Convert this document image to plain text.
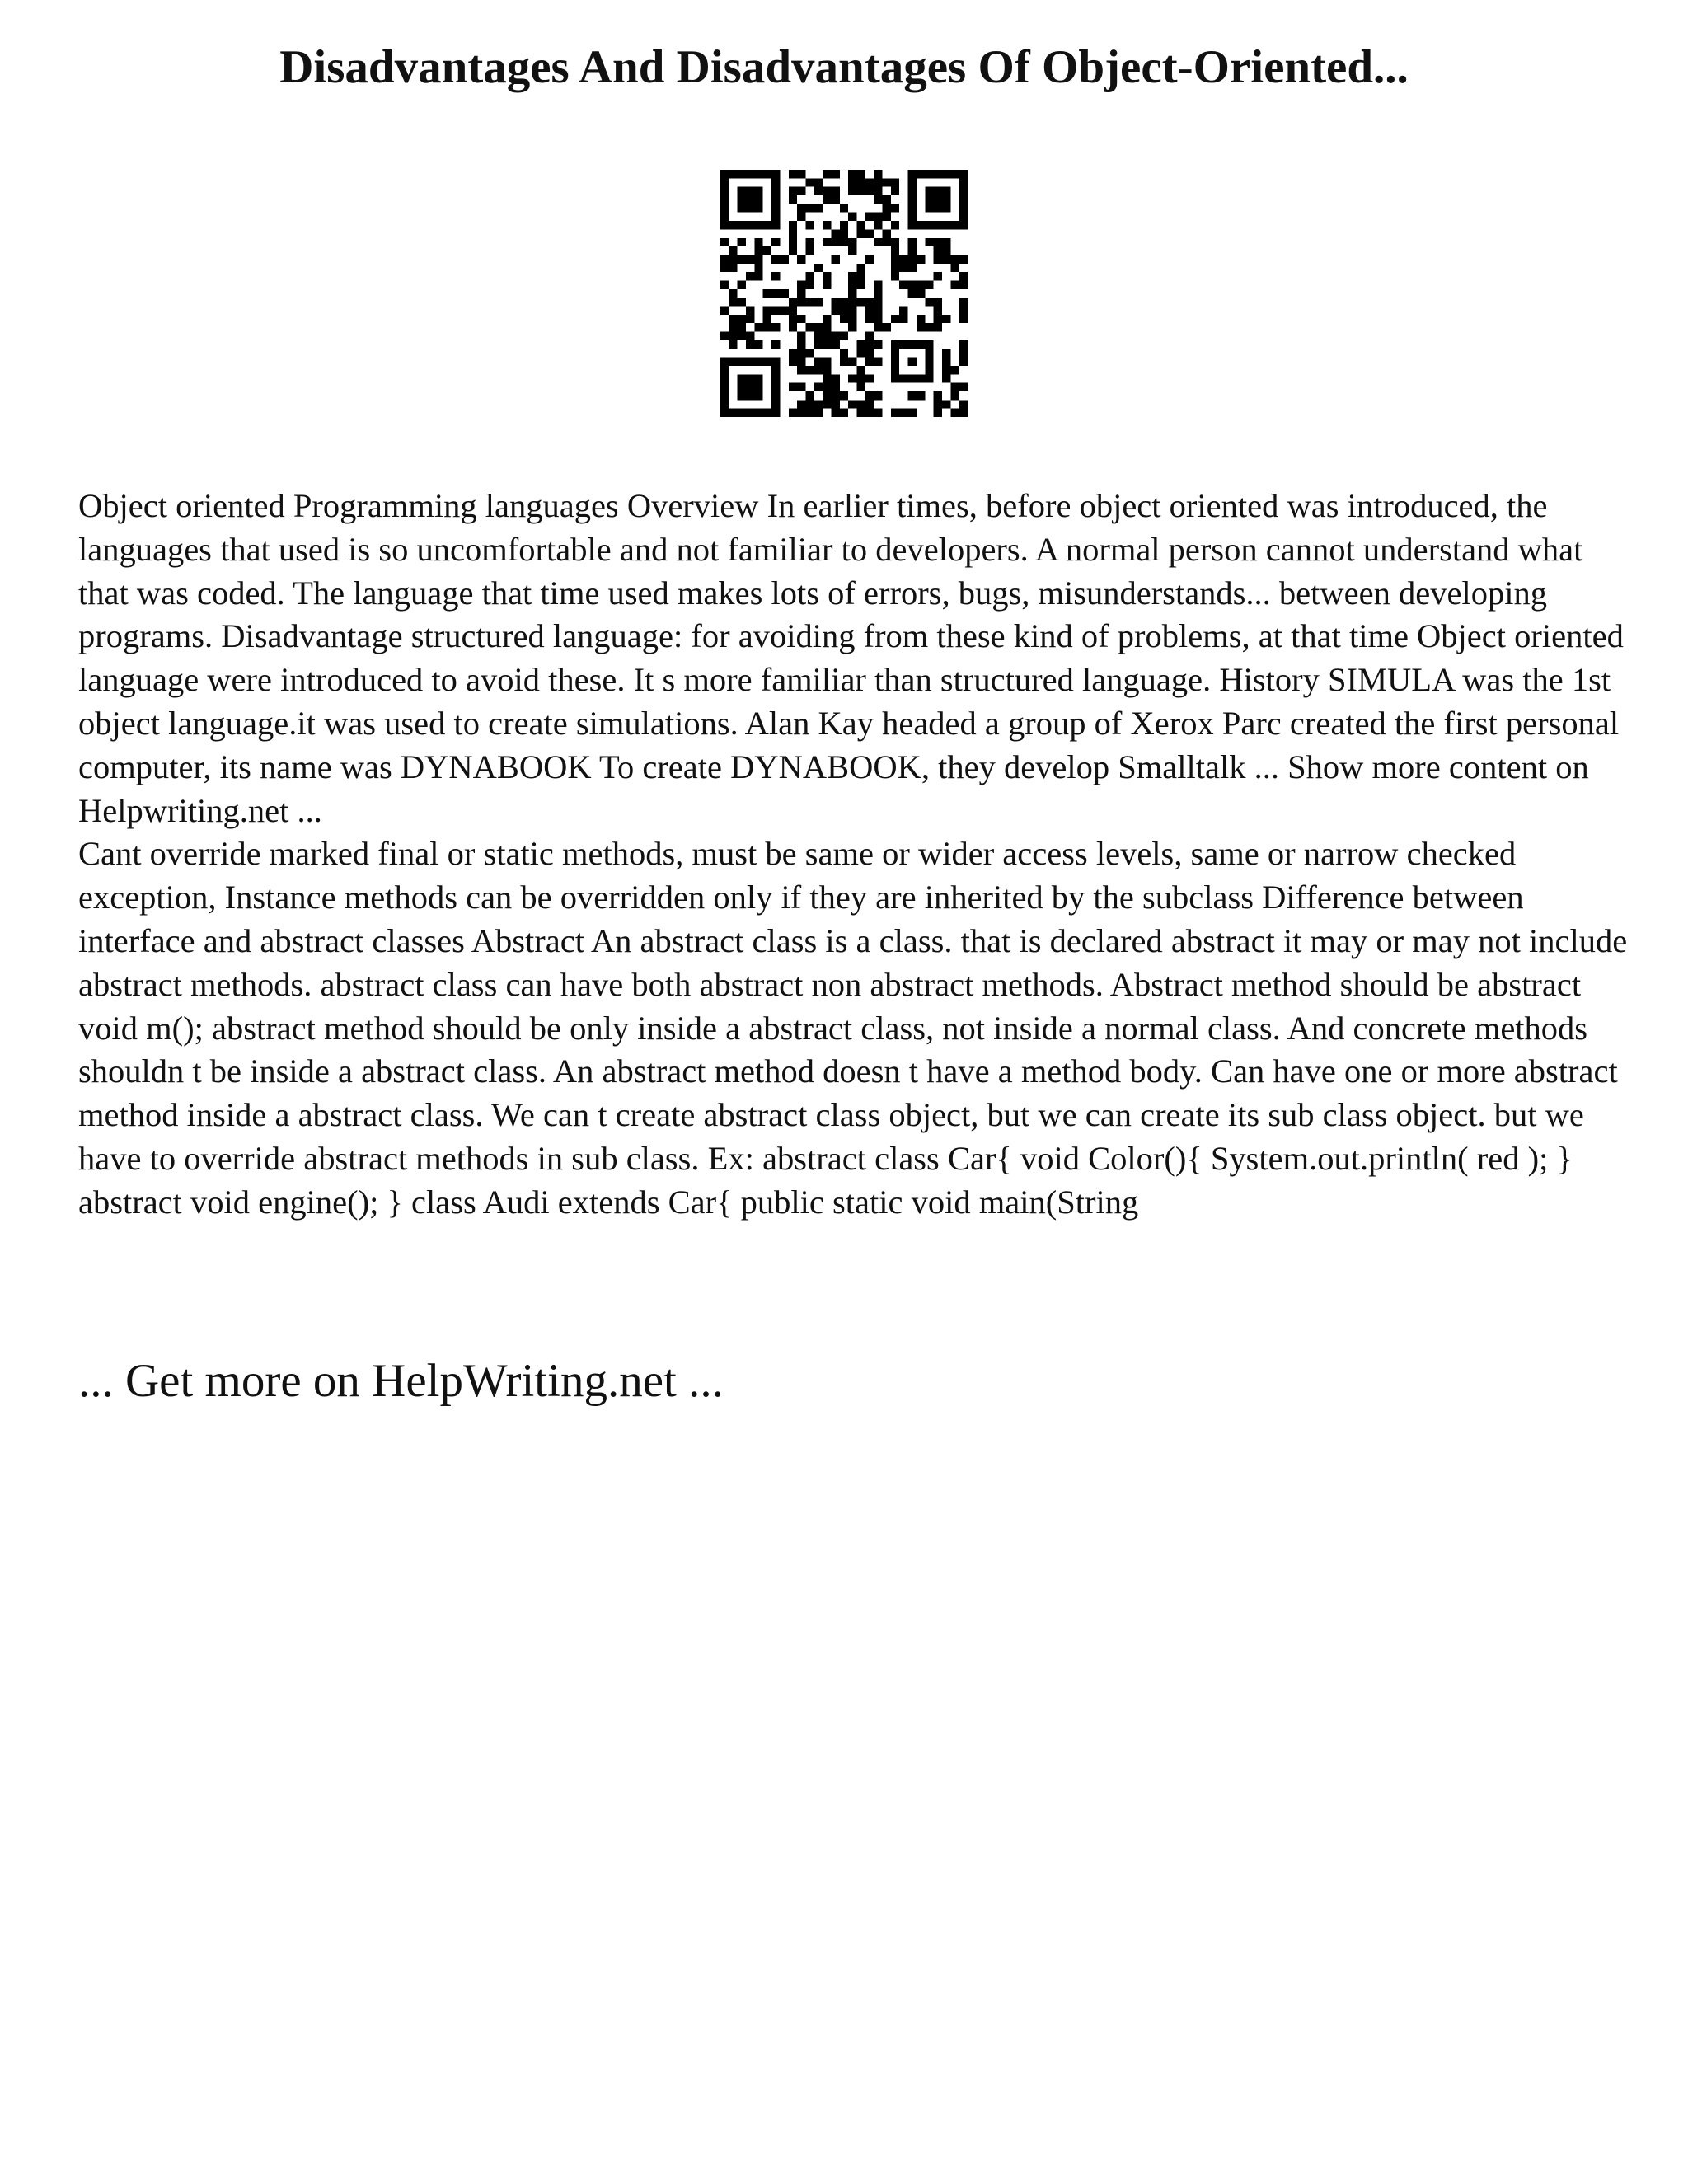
Disadvantages And Disadvantages Of Object-Oriented...

Object oriented Programming languages Overview In earlier times, before object oriented was introduced, the languages that used is so uncomfortable and not familiar to developers. A normal person cannot understand what that was coded. The language that time used makes lots of errors, bugs, misunderstands... between developing programs. Disadvantage structured language: for avoiding from these kind of problems, at that time Object oriented language were introduced to avoid these. It s more familiar than structured language. History SIMULA was the 1st object language.it was used to create simulations. Alan Kay headed a group of Xerox Parc created the first personal computer, its name was DYNABOOK To create DYNABOOK, they develop Smalltalk ... Show more content on Helpwriting.net ...

Cant override marked final or static methods, must be same or wider access levels, same or narrow checked exception, Instance methods can be overridden only if they are inherited by the subclass Difference between interface and abstract classes Abstract An abstract class is a class. that is declared abstract it may or may not include abstract methods. abstract class can have both abstract non abstract methods. Abstract method should be abstract void m(); abstract method should be only inside a abstract class, not inside a normal class. And concrete methods shouldn t be inside a abstract class. An abstract method doesn t have a method body. Can have one or more abstract method inside a abstract class. We can t create abstract class object, but we can create its sub class object. but we have to override abstract methods in sub class. Ex: abstract class Car{ void Color(){ System.out.println( red ); } abstract void engine(); } class Audi extends Car{ public static void main(String

... Get more on HelpWriting.net ...
